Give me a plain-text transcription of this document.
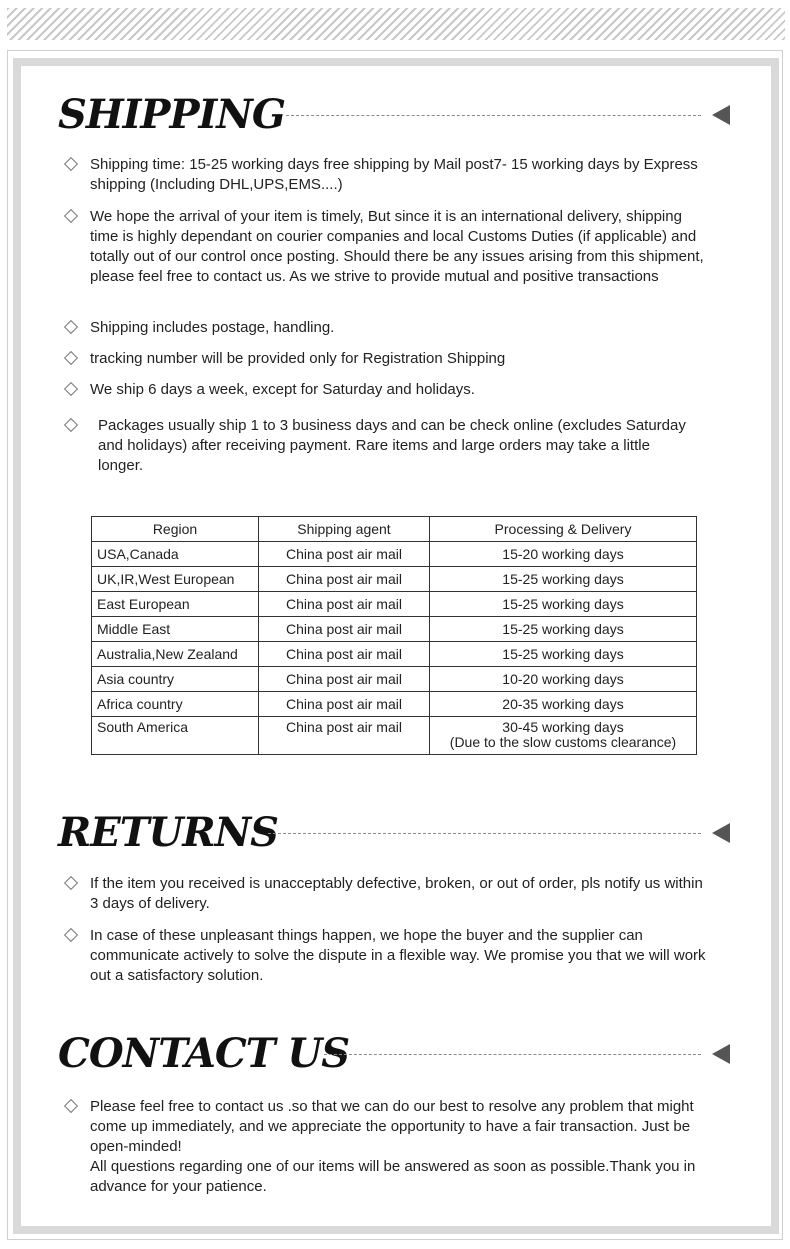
SHIPPING
Shipping time: 15-25 working days free shipping by Mail post7- 15 working days by Express shipping (Including DHL,UPS,EMS....)
We hope the arrival of your item is timely, But since it is an international delivery, shipping time is highly dependant on courier companies and local Customs Duties (if applicable) and totally out of our control once posting. Should there be any issues arising from this shipment, please feel free to contact us. As we strive to provide mutual and positive transactions
Shipping includes postage, handling.
tracking number will be provided only for Registration Shipping
We ship 6 days a week, except for Saturday and holidays.
Packages usually ship 1 to 3 business days and can be check online (excludes Saturday and holidays) after receiving payment. Rare items and large orders may take a little longer.
Region	Shipping agent	Processing & Delivery
USA,Canada	China post air mail	15-20 working days
UK,IR,West European	China post air mail	15-25 working days
East European	China post air mail	15-25 working days
Middle East	China post air mail	15-25 working days
Australia,New Zealand	China post air mail	15-25 working days
Asia country	China post air mail	10-20 working days
Africa country	China post air mail	20-35 working days
South America	China post air mail	30-45 working days
(Due to the slow customs clearance)
RETURNS
If the item you received is unacceptably defective, broken, or out of order, pls notify us within 3 days of delivery.
In case of these unpleasant things happen, we hope the buyer and the supplier can communicate actively to solve the dispute in a flexible way. We promise you that we will work out a satisfactory solution.
CONTACT US
Please feel free to contact us .so that we can do our best to resolve any problem that might come up immediately, and we appreciate the opportunity to have a fair transaction. Just be open-minded!
All questions regarding one of our items will be answered as soon as possible.Thank you in advance for your patience.
